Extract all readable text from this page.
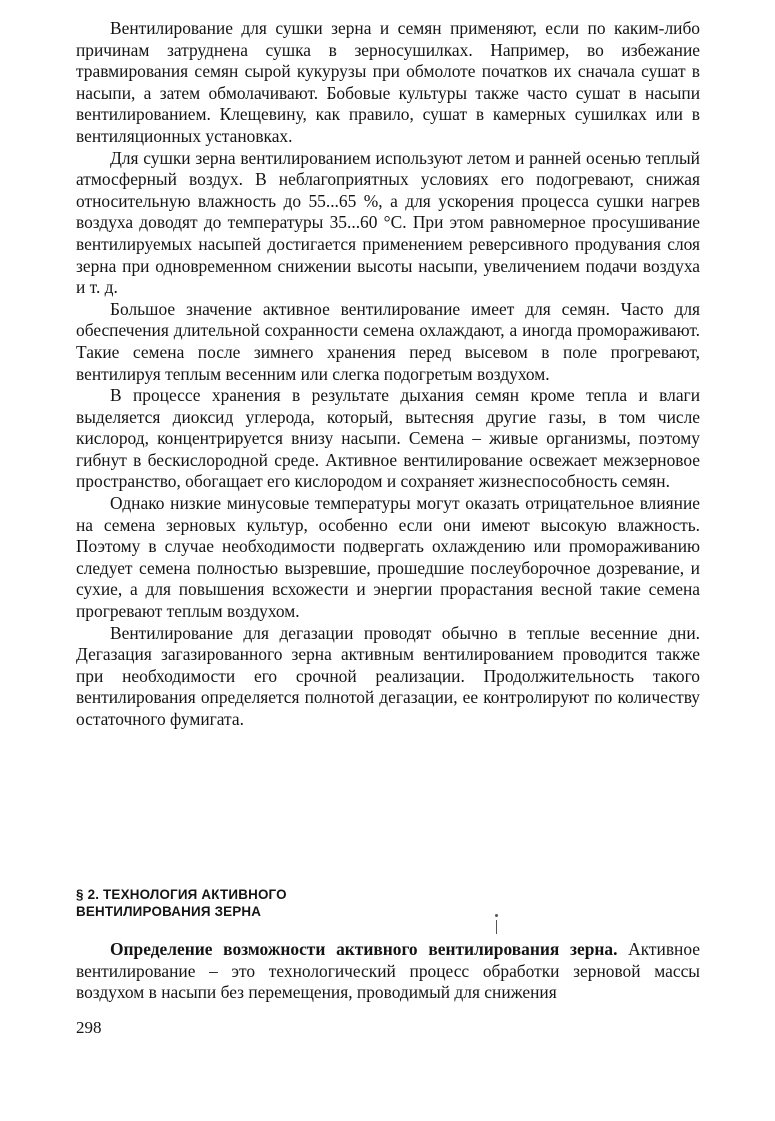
Вентилирование для сушки зерна и семян применяют, если по каким-либо причинам затруднена сушка в зерносушилках. Например, во избежание травмирования семян сырой кукурузы при обмолоте початков их сначала сушат в насыпи, а затем обмолачивают. Бобовые культуры также часто сушат в насыпи вентилированием. Клещевину, как правило, сушат в камерных сушилках или в вентиляционных установках.

Для сушки зерна вентилированием используют летом и ранней осенью теплый атмосферный воздух. В неблагоприятных условиях его подогревают, снижая относительную влажность до 55...65 %, а для ускорения процесса сушки нагрев воздуха доводят до температуры 35...60 °С. При этом равномерное просушивание вентилируемых насыпей достигается применением реверсивного продувания слоя зерна при одновременном снижении высоты насыпи, увеличением подачи воздуха и т. д.

Большое значение активное вентилирование имеет для семян. Часто для обеспечения длительной сохранности семена охлаждают, а иногда промораживают. Такие семена после зимнего хранения перед высевом в поле прогревают, вентилируя теплым весенним или слегка подогретым воздухом.

В процессе хранения в результате дыхания семян кроме тепла и влаги выделяется диоксид углерода, который, вытесняя другие газы, в том числе кислород, концентрируется внизу насыпи. Семена – живые организмы, поэтому гибнут в бескислородной среде. Активное вентилирование освежает межзерновое пространство, обогащает его кислородом и сохраняет жизнеспособность семян.

Однако низкие минусовые температуры могут оказать отрицательное влияние на семена зерновых культур, особенно если они имеют высокую влажность. Поэтому в случае необходимости подвергать охлаждению или промораживанию следует семена полностью вызревшие, прошедшие послеуборочное дозревание, и сухие, а для повышения всхожести и энергии прорастания весной такие семена прогревают теплым воздухом.

Вентилирование для дегазации проводят обычно в теплые весенние дни. Дегазация загазированного зерна активным вентилированием проводится также при необходимости его срочной реализации. Продолжительность такого вентилирования определяется полнотой дегазации, ее контролируют по количеству остаточного фумигата.

§ 2. ТЕХНОЛОГИЯ АКТИВНОГО
ВЕНТИЛИРОВАНИЯ ЗЕРНА

Определение возможности активного вентилирования зерна. Активное вентилирование – это технологический процесс обработки зерновой массы воздухом в насыпи без перемещения, проводимый для снижения

298
